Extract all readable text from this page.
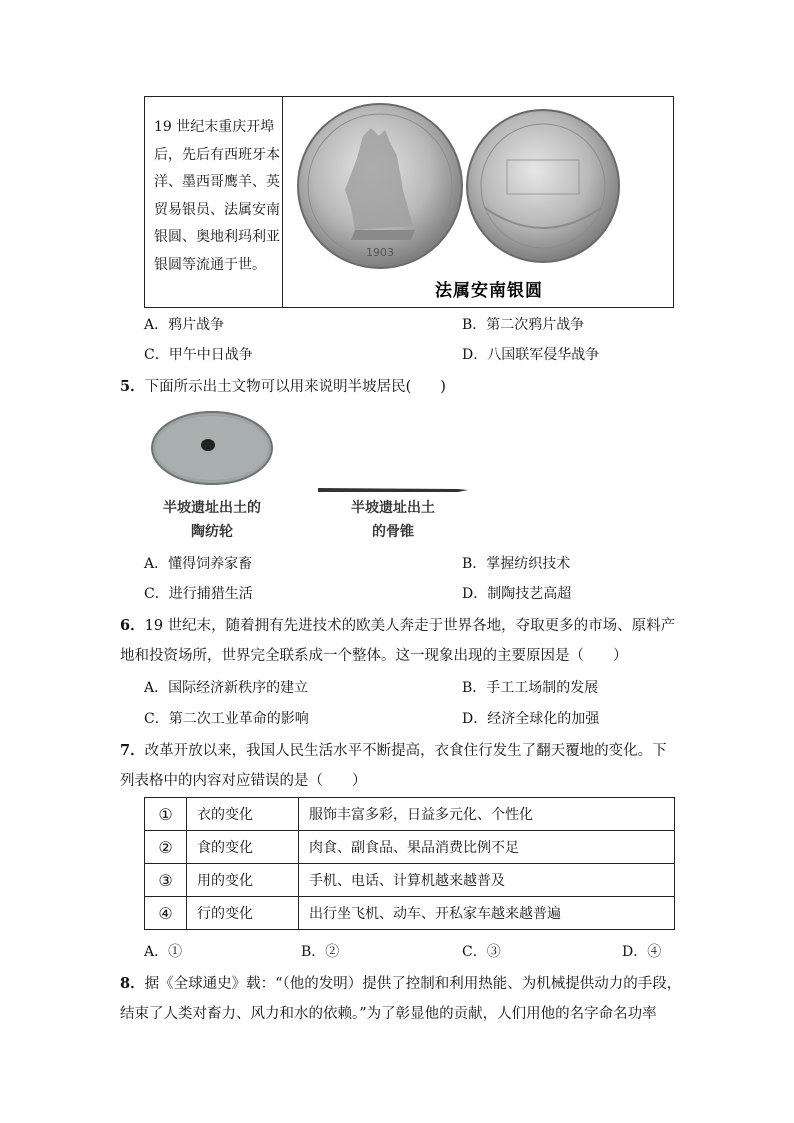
19 世纪末重庆开埠后，先后有西班牙本洋、墨西哥鹰羊、英贸易银员、法属安南银圆、奥地利玛利亚银圆等流通于世。
1903
法属安南银圆
A．鸦片战争	B．第二次鸦片战争
C．甲午中日战争	D．八国联军侵华战争
5．下面所示出土文物可以用来说明半坡居民(　　)
半坡遗址出土的
陶纺轮
半坡遗址出土
的骨锥
A．懂得饲养家畜	B．掌握纺织技术
C．进行捕猎生活	D．制陶技艺高超
6．19 世纪末，随着拥有先进技术的欧美人奔走于世界各地，夺取更多的市场、原料产
地和投资场所，世界完全联系成一个整体。这一现象出现的主要原因是（　　）
A．国际经济新秩序的建立	B．手工工场制的发展
C．第二次工业革命的影响	D．经济全球化的加强
7．改革开放以来，我国人民生活水平不断提高，衣食住行发生了翻天覆地的变化。下
列表格中的内容对应错误的是（　　）
①	衣的变化	服饰丰富多彩，日益多元化、个性化
②	食的变化	肉食、副食品、果品消费比例不足
③	用的变化	手机、电话、计算机越来越普及
④	行的变化	出行坐飞机、动车、开私家车越来越普遍
A．①	B．②	C．③	D．④
8．据《全球通史》载：“（他的发明）提供了控制和利用热能、为机械提供动力的手段，
结束了人类对畜力、风力和水的依赖。”为了彰显他的贡献，人们用他的名字命名功率
